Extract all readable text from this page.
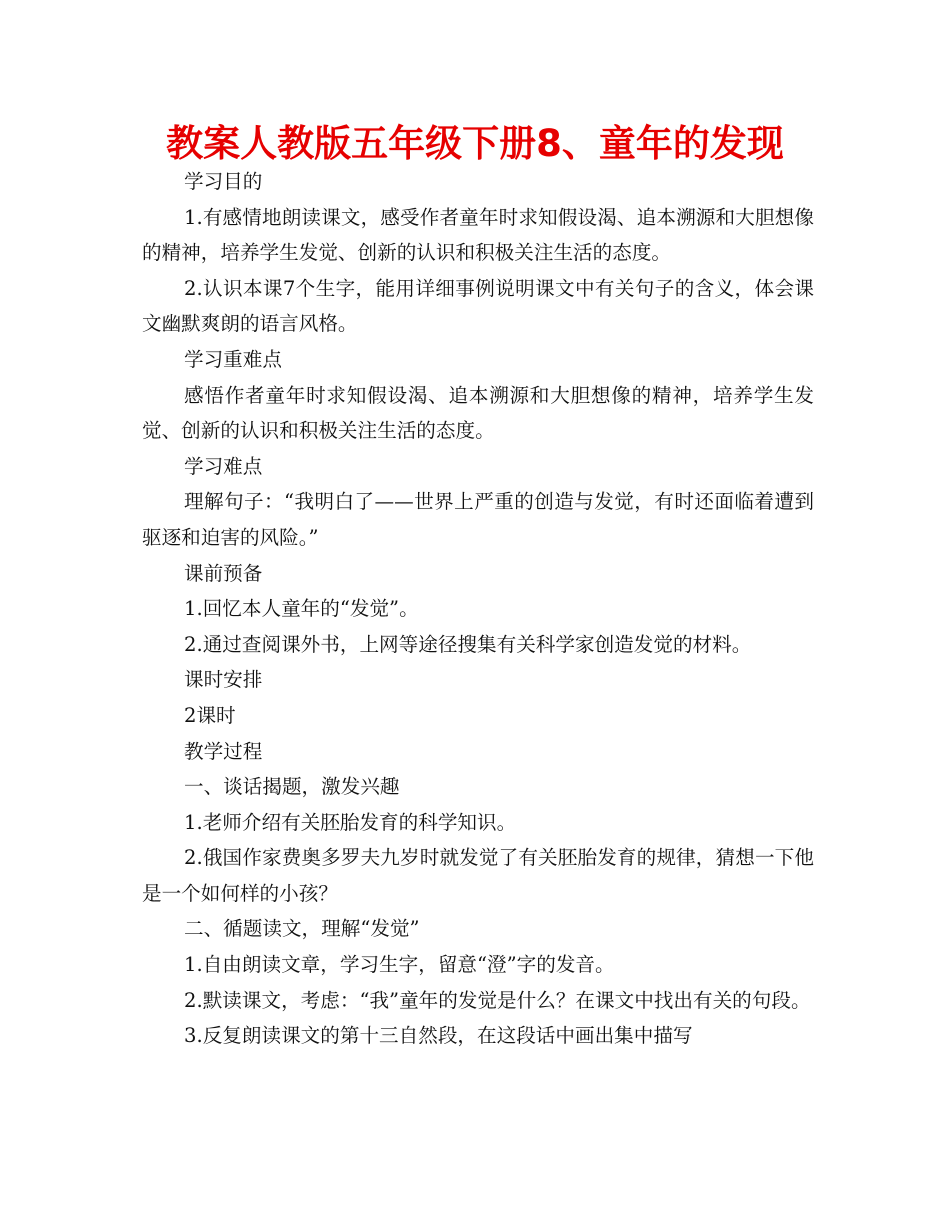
教案人教版五年级下册8、童年的发现

学习目的

1.有感情地朗读课文，感受作者童年时求知假设渴、追本溯源和大胆想像的精神，培养学生发觉、创新的认识和积极关注生活的态度。

2.认识本课7个生字，能用详细事例说明课文中有关句子的含义，体会课文幽默爽朗的语言风格。

学习重难点

感悟作者童年时求知假设渴、追本溯源和大胆想像的精神，培养学生发觉、创新的认识和积极关注生活的态度。

学习难点

理解句子：“我明白了——世界上严重的创造与发觉，有时还面临着遭到驱逐和迫害的风险。”

课前预备

1.回忆本人童年的“发觉”。

2.通过查阅课外书，上网等途径搜集有关科学家创造发觉的材料。

课时安排

2课时

教学过程

一、谈话揭题，激发兴趣

1.老师介绍有关胚胎发育的科学知识。

2.俄国作家费奥多罗夫九岁时就发觉了有关胚胎发育的规律，猜想一下他是一个如何样的小孩？

二、循题读文，理解“发觉”

1.自由朗读文章，学习生字，留意“澄”字的发音。

2.默读课文，考虑：“我”童年的发觉是什么？在课文中找出有关的句段。

3.反复朗读课文的第十三自然段，在这段话中画出集中描写
